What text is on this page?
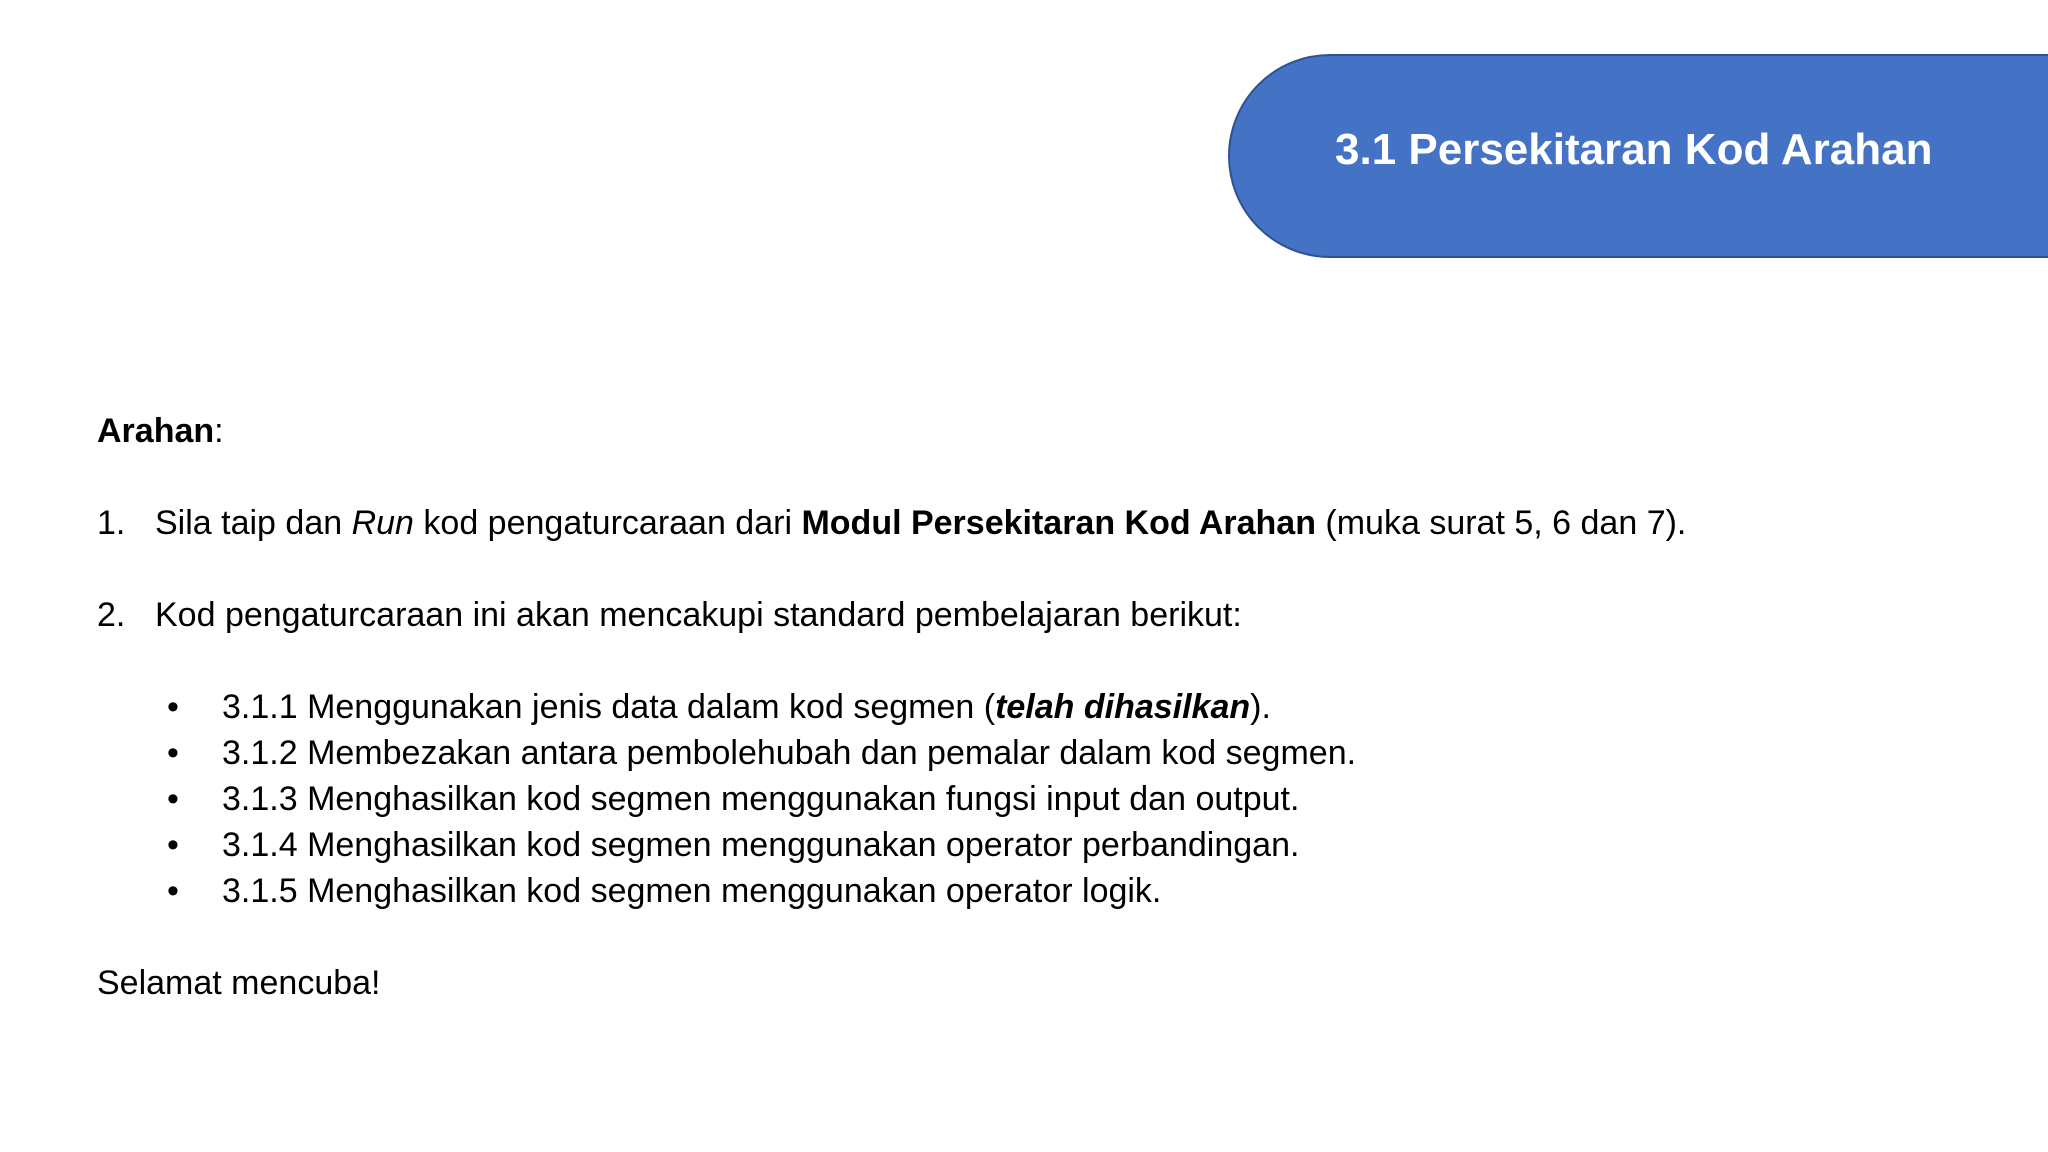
3.1 Persekitaran Kod Arahan
Arahan:
1. Sila taip dan Run kod pengaturcaraan dari Modul Persekitaran Kod Arahan (muka surat 5, 6 dan 7).
2. Kod pengaturcaraan ini akan mencakupi standard pembelajaran berikut:
• 3.1.1 Menggunakan jenis data dalam kod segmen (telah dihasilkan).
• 3.1.2 Membezakan antara pembolehubah dan pemalar dalam kod segmen.
• 3.1.3 Menghasilkan kod segmen menggunakan fungsi input dan output.
• 3.1.4 Menghasilkan kod segmen menggunakan operator perbandingan.
• 3.1.5 Menghasilkan kod segmen menggunakan operator logik.
Selamat mencuba!
